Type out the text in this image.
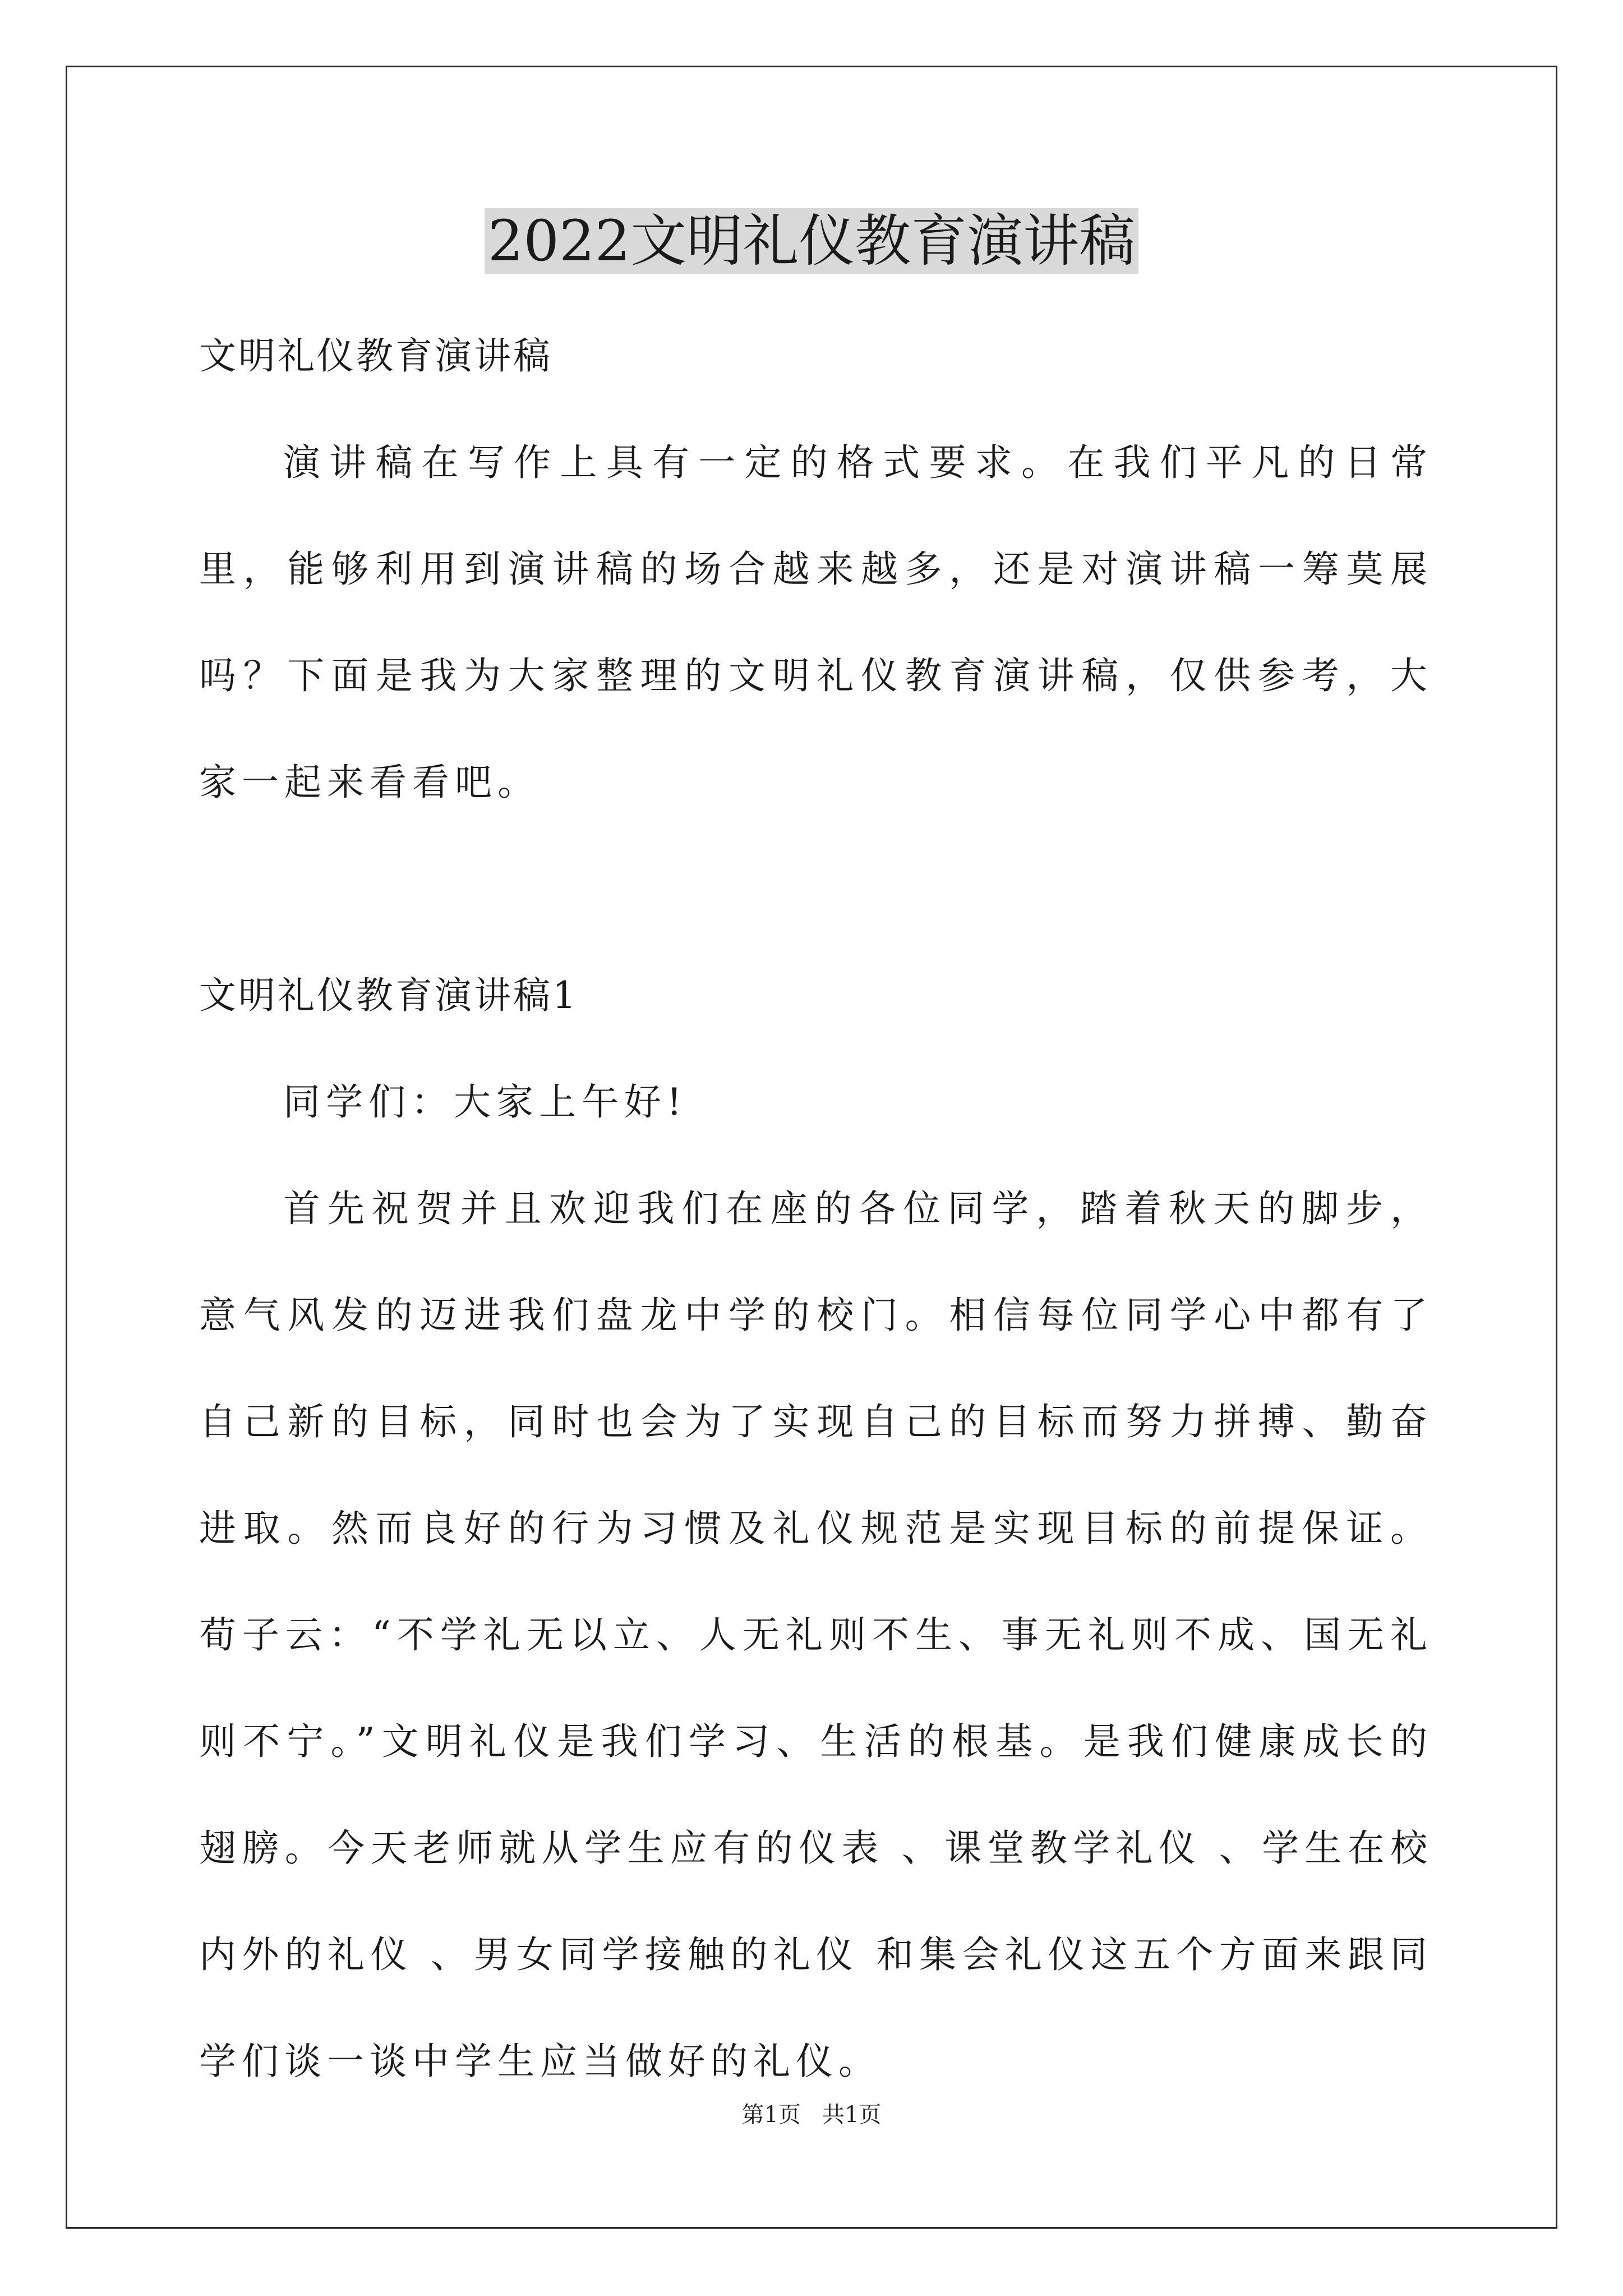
2022文明礼仪教育演讲稿
文明礼仪教育演讲稿

演讲稿在写作上具有一定的格式要求。在我们平凡的日常里，能够利用到演讲稿的场合越来越多，还是对演讲稿一筹莫展吗？下面是我为大家整理的文明礼仪教育演讲稿，仅供参考，大家一起来看看吧。

文明礼仪教育演讲稿1

同学们：大家上午好!

首先祝贺并且欢迎我们在座的各位同学，踏着秋天的脚步，意气风发的迈进我们盘龙中学的校门。相信每位同学心中都有了自己新的目标，同时也会为了实现自己的目标而努力拼搏、勤奋进取。然而良好的行为习惯及礼仪规范是实现目标的前提保证。荀子云：“不学礼无以立、人无礼则不生、事无礼则不成、国无礼则不宁。”文明礼仪是我们学习、生活的根基。是我们健康成长的翅膀。今天老师就从学生应有的仪表 、课堂教学礼仪 、学生在校内外的礼仪 、男女同学接触的礼仪 和集会礼仪这五个方面来跟同学们谈一谈中学生应当做好的礼仪。

第1页   共1页
